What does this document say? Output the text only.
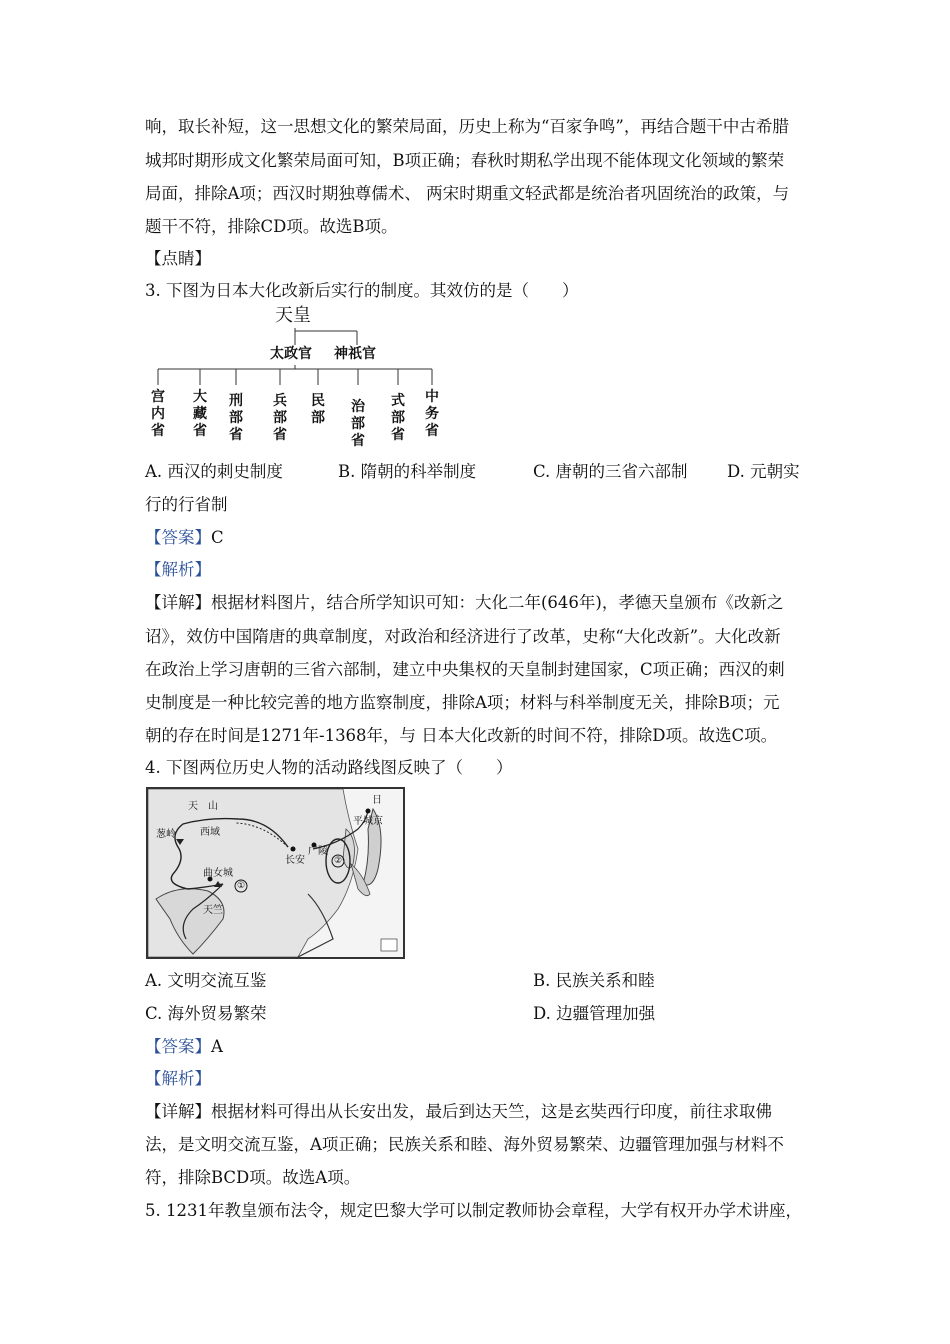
响，取长补短，这一思想文化的繁荣局面，历史上称为“百家争鸣”，再结合题干中古希腊
城邦时期形成文化繁荣局面可知，B项正确；春秋时期私学出现不能体现文化领域的繁荣
局面，排除A项；西汉时期独尊儒术、 两宋时期重文轻武都是统治者巩固统治的政策，与
题干不符，排除CD项。故选B项。
【点睛】
3. 下图为日本大化改新后实行的制度。其效仿的是（　　）
天皇
太政官 神祇官
宫内省
大藏省
刑部省
兵部省
民部
治部省
式部省
中务省
A. 西汉的刺史制度	B. 隋朝的科举制度	C. 唐朝的三省六部制 D. 元朝实
行的行省制
【答案】C
【解析】
【详解】根据材料图片，结合所学知识可知：大化二年(646年)，孝德天皇颁布《改新之
诏》，效仿中国隋唐的典章制度，对政治和经济进行了改革，史称“大化改新”。大化改新
在政治上学习唐朝的三省六部制，建立中央集权的天皇制封建国家，C项正确；西汉的刺
史制度是一种比较完善的地方监察制度，排除A项；材料与科举制度无关，排除B项；元
朝的存在时间是1271年-1368年，与 日本大化改新的时间不符，排除D项。故选C项。
4. 下图两位历史人物的活动路线图反映了（　　）
天　山
葱岭 西域
曲女城
天竺
长安
广陵
日
平城京
①
②
A. 文明交流互鉴	B. 民族关系和睦
C. 海外贸易繁荣	D. 边疆管理加强
【答案】A
【解析】
【详解】根据材料可得出从长安出发，最后到达天竺，这是玄奘西行印度，前往求取佛
法，是文明交流互鉴，A项正确；民族关系和睦、海外贸易繁荣、边疆管理加强与材料不
符，排除BCD项。故选A项。
5. 1231年教皇颁布法令，规定巴黎大学可以制定教师协会章程，大学有权开办学术讲座，
